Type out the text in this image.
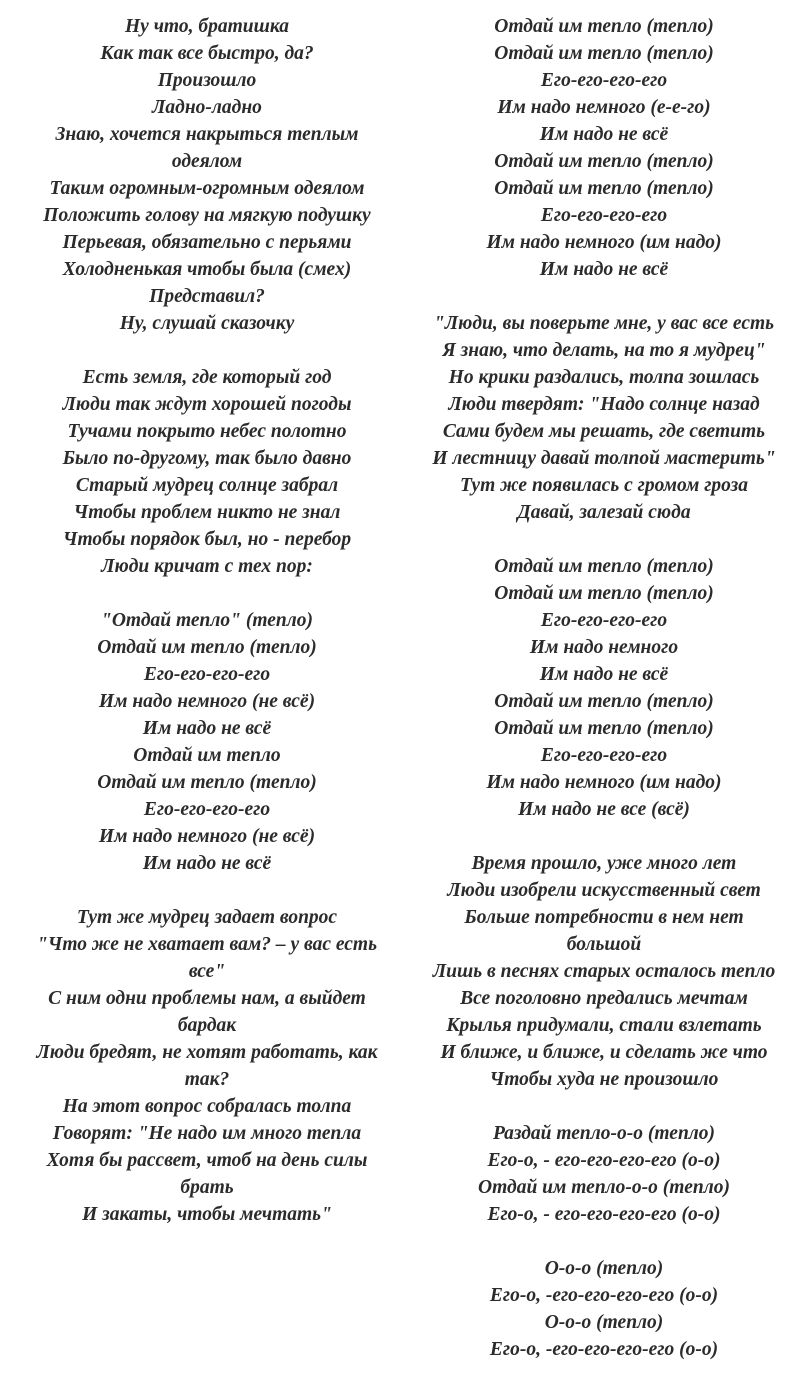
Ну что, братишка
Как так все быстро, да?
Произошло
Ладно-ладно
Знаю, хочется накрыться теплым
одеялом
Таким огромным-огромным одеялом
Положить голову на мягкую подушку
Перьевая, обязательно с перьями
Холодненькая чтобы была (смех)
Представил?
Ну, слушай сказочку
Есть земля, где который год
Люди так ждут хорошей погоды
Тучами покрыто небес полотно
Было по-другому, так было давно
Старый мудрец солнце забрал
Чтобы проблем никто не знал
Чтобы порядок был, но - перебор
Люди кричат с тех пор:
"Отдай тепло" (тепло)
Отдай им тепло (тепло)
Его-его-его-его
Им надо немного (не всё)
Им надо не всё
Отдай им тепло
Отдай им тепло (тепло)
Его-его-его-его
Им надо немного (не всё)
Им надо не всё
Тут же мудрец задает вопрос
"Что же не хватает вам? – у вас есть
все"
С ним одни проблемы нам, а выйдет
бардак
Люди бредят, не хотят работать, как
так?
На этот вопрос собралась толпа
Говорят: "Не надо им много тепла
Хотя бы рассвет, чтоб на день силы
брать
И закаты, чтобы мечтать"
Отдай им тепло (тепло)
Отдай им тепло (тепло)
Его-его-его-его
Им надо немного (е-е-го)
Им надо не всё
Отдай им тепло (тепло)
Отдай им тепло (тепло)
Его-его-его-его
Им надо немного (им надо)
Им надо не всё
"Люди, вы поверьте мне, у вас все есть
Я знаю, что делать, на то я мудрец"
Но крики раздались, толпа зошлась
Люди твердят: "Надо солнце назад
Сами будем мы решать, где светить
И лестницу давай толпой мастерить"
Тут же появилась с громом гроза
Давай, залезай сюда
Отдай им тепло (тепло)
Отдай им тепло (тепло)
Его-его-его-его
Им надо немного
Им надо не всё
Отдай им тепло (тепло)
Отдай им тепло (тепло)
Его-его-его-его
Им надо немного (им надо)
Им надо не все (всё)
Время прошло, уже много лет
Люди изобрели искусственный свет
Больше потребности в нем нет
большой
Лишь в песнях старых осталось тепло
Все поголовно предались мечтам
Крылья придумали, стали взлетать
И ближе, и ближе, и сделать же что
Чтобы худа не произошло
Раздай тепло-о-о (тепло)
Его-о, - его-его-его-его (о-о)
Отдай им тепло-о-о (тепло)
Его-о, - его-его-его-его (о-о)
О-о-о (тепло)
Его-о, -его-его-его-его (о-о)
О-о-о (тепло)
Его-о, -его-его-его-его (о-о)
